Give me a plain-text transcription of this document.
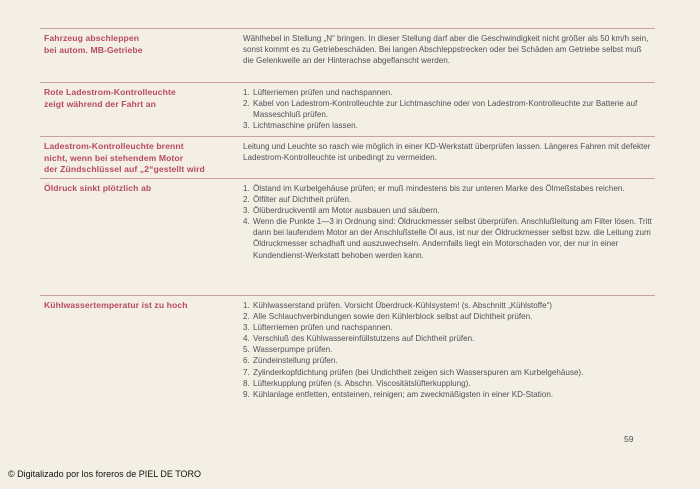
Fahrzeug abschleppen
bei autom. MB-Getriebe

Wählhebel in Stellung „N“ bringen. In dieser Stellung darf aber die Geschwindigkeit nicht größer als 50 km/h sein, sonst kommt es zu Getriebeschäden. Bei langen Abschleppstrecken oder bei Schäden am Getriebe selbst muß die Gelenkwelle an der Hinterachse abgeflanscht werden.

Rote Ladestrom-Kontrolleuchte
zeigt während der Fahrt an
1. Lüfterriemen prüfen und nachspannen.
2. Kabel von Ladestrom-Kontrolleuchte zur Lichtmaschine oder von Ladestrom-Kontrolleuchte zur Batterie auf Masseschluß prüfen.
3. Lichtmaschine prüfen lassen.
Ladestrom-Kontrolleuchte brennt
nicht, wenn bei stehendem Motor
der Zündschlüssel auf „2“gestellt wird

Leitung und Leuchte so rasch wie möglich in einer KD-Werkstatt überprüfen lassen. Längeres Fahren mit defekter Ladestrom-Kontrolleuchte ist unbedingt zu vermeiden.

Öldruck sinkt plötzlich ab	1. Ölstand im Kurbelgehäuse prüfen; er muß mindestens bis zur unteren Marke des Ölmeßstabes reichen.
2. Ölfilter auf Dichtheit prüfen.
3. Ölüberdruckventil am Motor ausbauen und säubern.
4. Wenn die Punkte 1—3 in Ordnung sind: Öldruckmesser selbst überprüfen. Anschlußleitung am Filter lösen. Tritt dann bei laufendem Motor an der Anschlußstelle Öl aus, ist nur der Öldruckmesser selbst bzw. die Leitung zum Öldruckmesser schadhaft und auszuwechseln. Andernfalls liegt ein Motorschaden vor, der nur in einer Kundendienst-Werkstatt behoben werden kann.
Kühlwassertemperatur ist zu hoch	1. Kühlwasserstand prüfen. Vorsicht Überdruck-Kühlsystem! (s. Abschnitt „Kühlstoffe“)
2. Alle Schlauchverbindungen sowie den Kühlerblock selbst auf Dichtheit prüfen.
3. Lüfterriemen prüfen und nachspannen.
4. Verschluß des Kühlwassereinfüllstutzens auf Dichtheit prüfen.
5. Wasserpumpe prüfen.
6. Zündeinstellung prüfen.
7. Zylinderkopfdichtung prüfen (bei Undichtheit zeigen sich Wasserspuren am Kurbelgehäuse).
8. Lüfterkupplung prüfen (s. Abschn. Viscositätslüfterkupplung).
9. Kühlanlage entfetten, entsteinen, reinigen; am zweckmäßigsten in einer KD-Station.
59
© Digitalizado por los foreros de PIEL DE TORO
